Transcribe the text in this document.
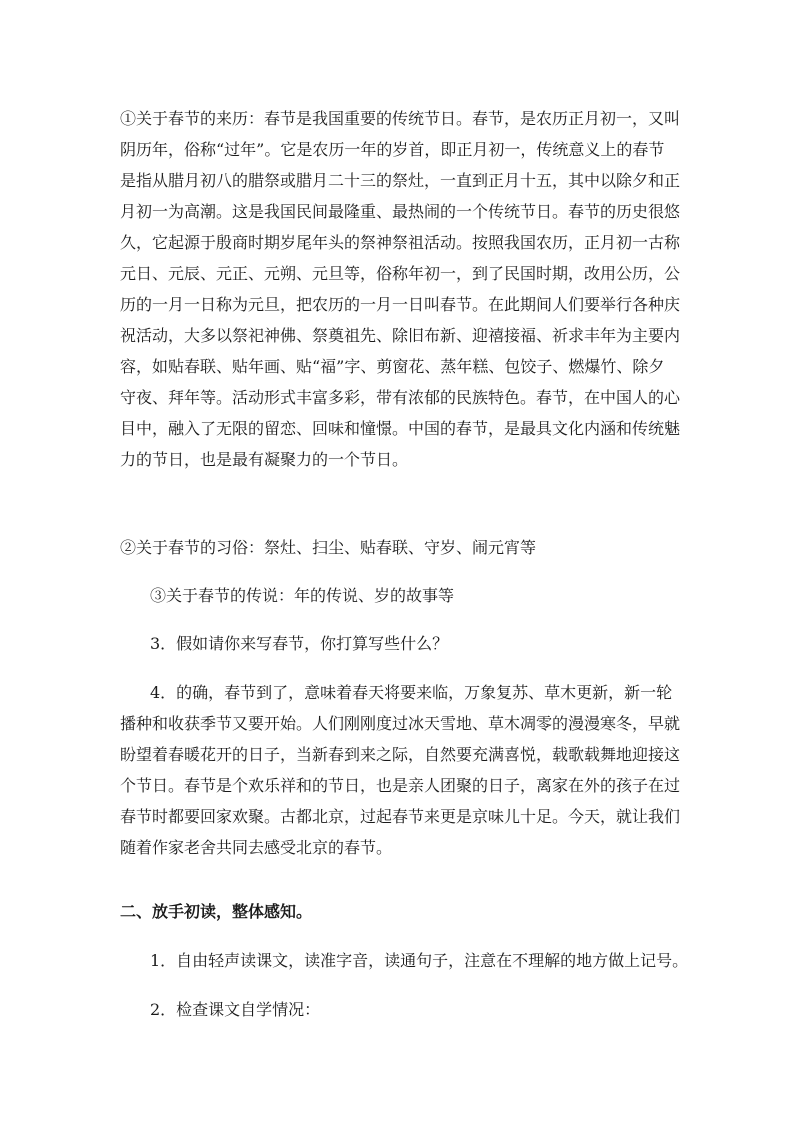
①关于春节的来历：春节是我国重要的传统节日。春节，是农历正月初一，又叫
阴历年，俗称“过年”。它是农历一年的岁首，即正月初一，传统意义上的春节
是指从腊月初八的腊祭或腊月二十三的祭灶，一直到正月十五，其中以除夕和正
月初一为高潮。这是我国民间最隆重、最热闹的一个传统节日。春节的历史很悠
久，它起源于殷商时期岁尾年头的祭神祭祖活动。按照我国农历，正月初一古称
元日、元辰、元正、元朔、元旦等，俗称年初一，到了民国时期，改用公历，公
历的一月一日称为元旦，把农历的一月一日叫春节。在此期间人们要举行各种庆
祝活动，大多以祭祀神佛、祭奠祖先、除旧布新、迎禧接福、祈求丰年为主要内
容，如贴春联、贴年画、贴“福”字、剪窗花、蒸年糕、包饺子、燃爆竹、除夕
守夜、拜年等。活动形式丰富多彩，带有浓郁的民族特色。春节，在中国人的心
目中，融入了无限的留恋、回味和憧憬。中国的春节，是最具文化内涵和传统魅
力的节日，也是最有凝聚力的一个节日。
②关于春节的习俗：祭灶、扫尘、贴春联、守岁、闹元宵等
③关于春节的传说：年的传说、岁的故事等
3．假如请你来写春节，你打算写些什么？
4．的确，春节到了，意味着春天将要来临，万象复苏、草木更新，新一轮
播种和收获季节又要开始。人们刚刚度过冰天雪地、草木凋零的漫漫寒冬，早就
盼望着春暖花开的日子，当新春到来之际，自然要充满喜悦，载歌载舞地迎接这
个节日。春节是个欢乐祥和的节日，也是亲人团聚的日子，离家在外的孩子在过
春节时都要回家欢聚。古都北京，过起春节来更是京味儿十足。今天，就让我们
随着作家老舍共同去感受北京的春节。
二、放手初读，整体感知。
1．自由轻声读课文，读准字音，读通句子，注意在不理解的地方做上记号。
2．检查课文自学情况：
